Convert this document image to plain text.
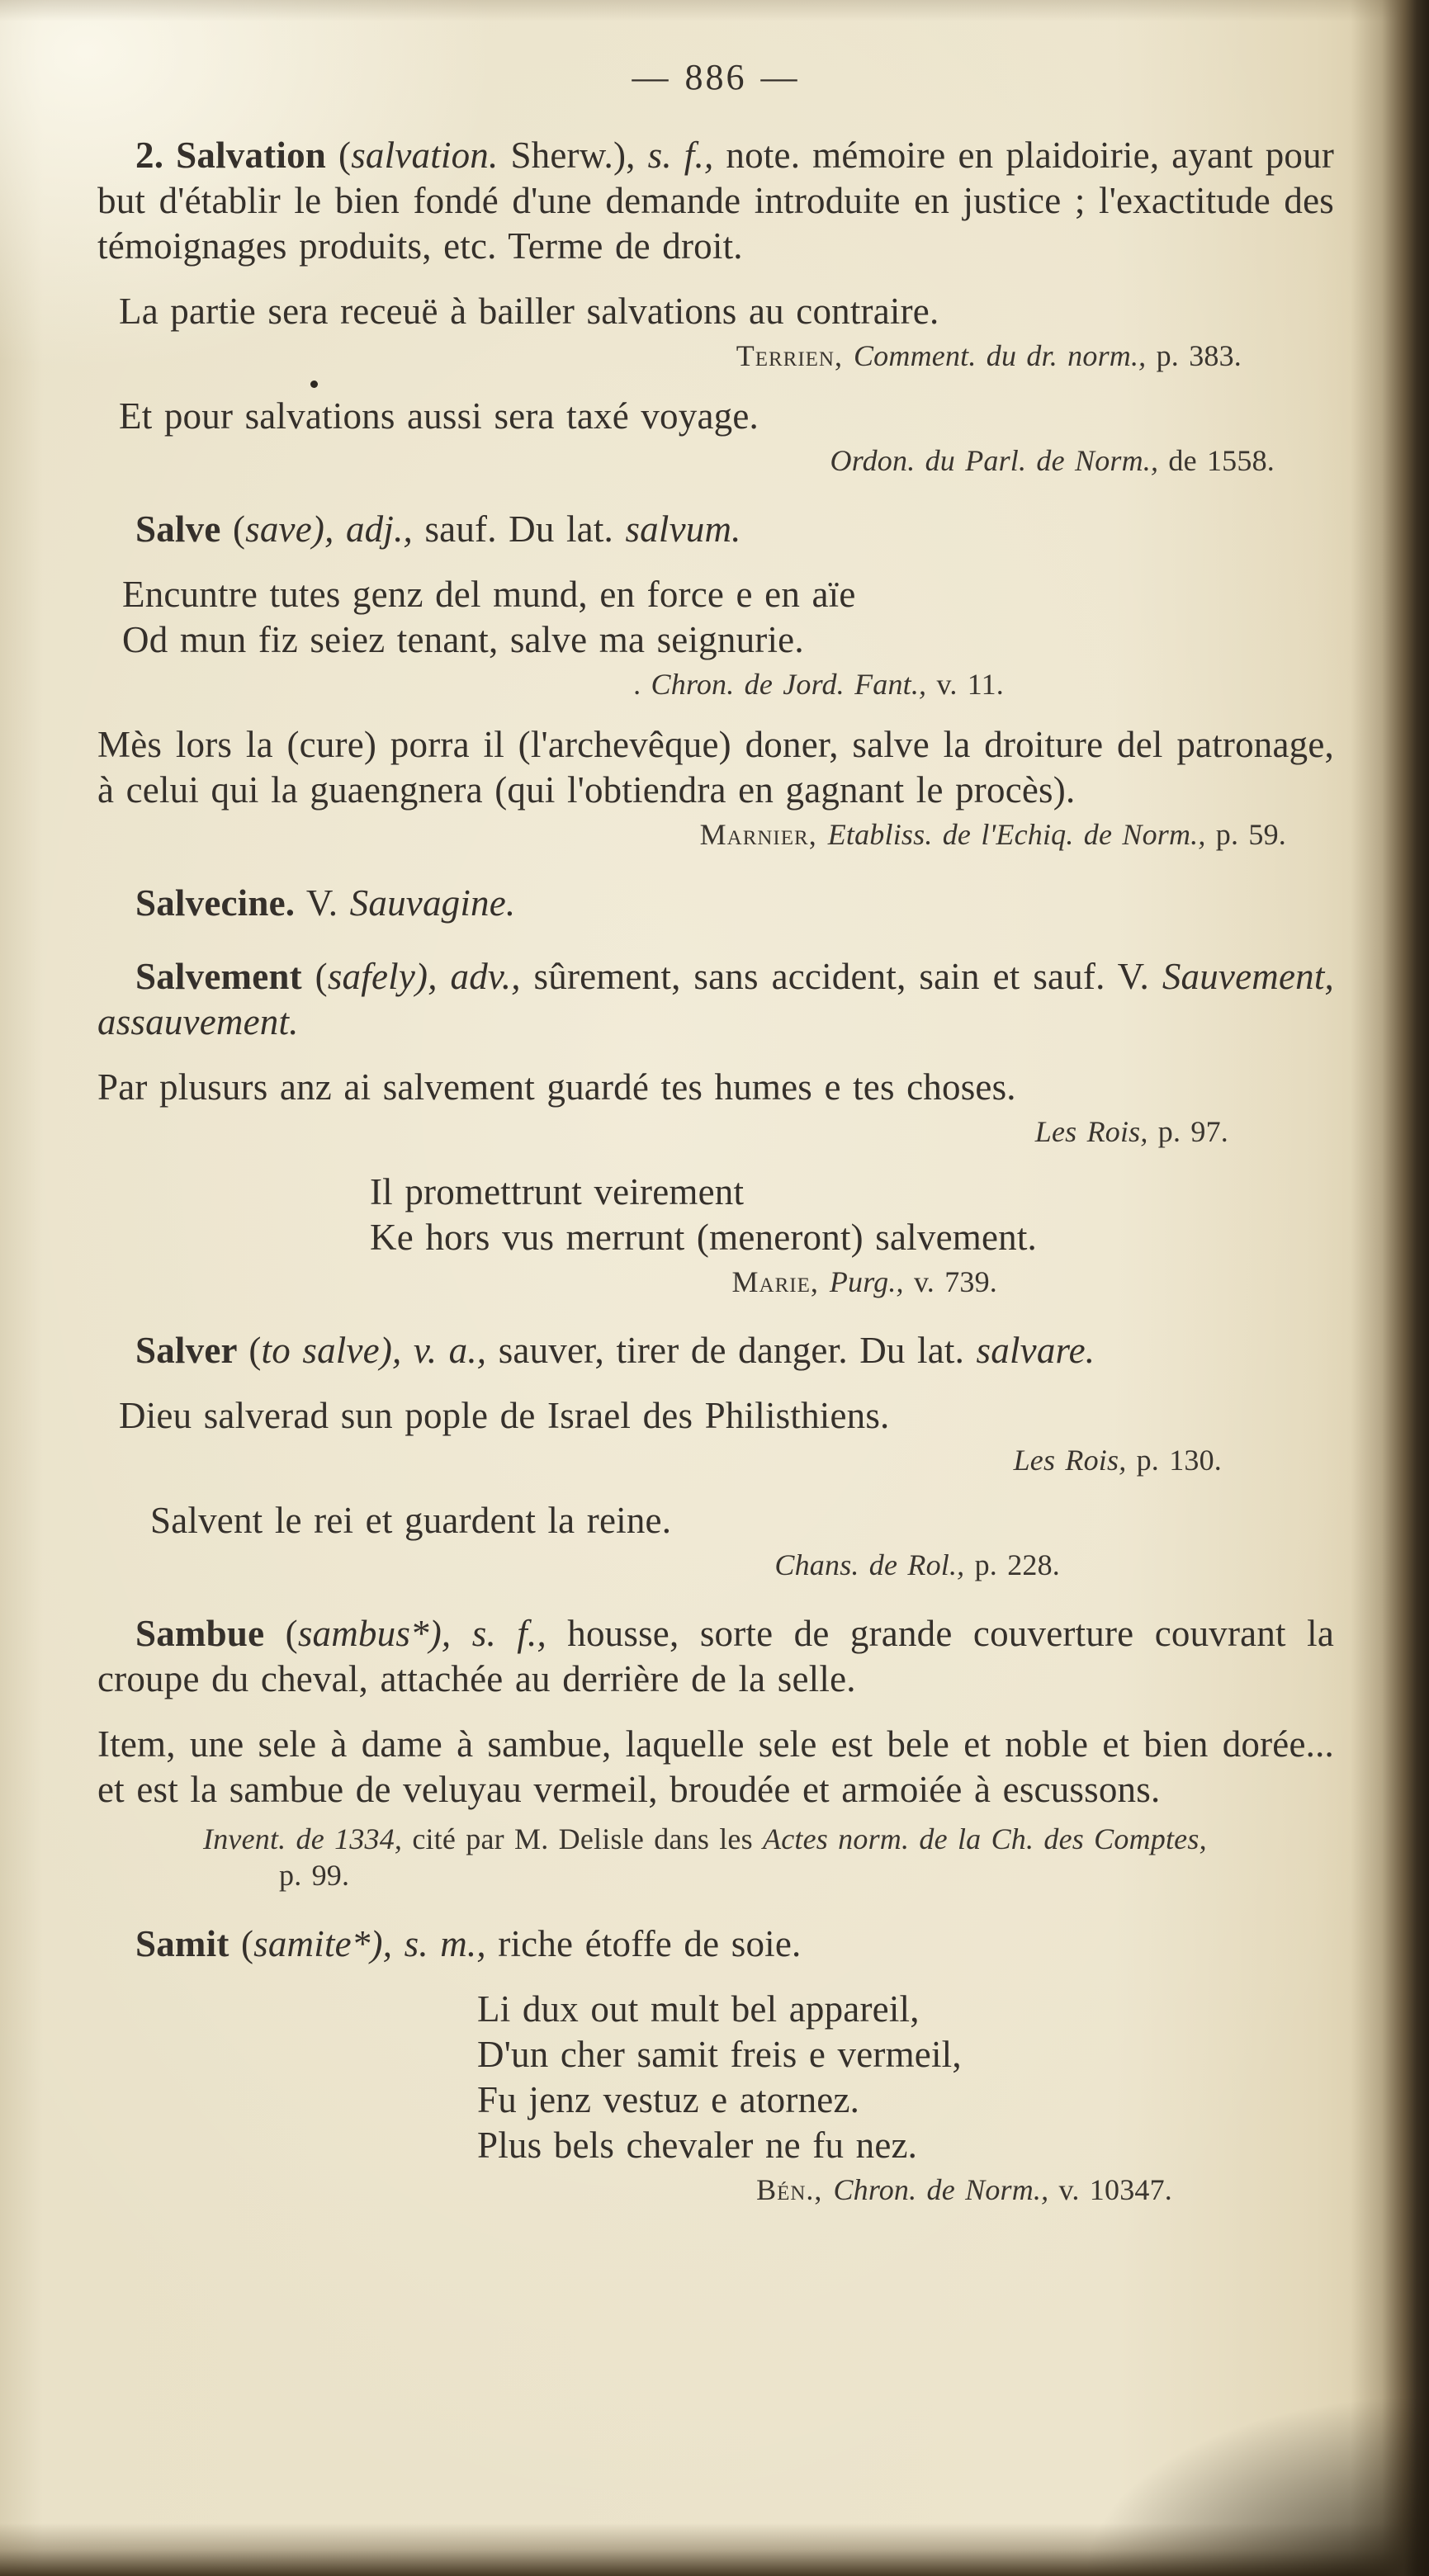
— 886 —
2. Salvation (salvation. Sherw.), s. f., note. mémoire en plaidoirie, ayant pour but d'établir le bien fondé d'une demande introduite en justice ; l'exactitude des témoignages produits, etc. Terme de droit.
La partie sera receuë à bailler salvations au contraire.
Terrien, Comment. du dr. norm., p. 383.
Et pour salvations aussi sera taxé voyage.
Ordon. du Parl. de Norm., de 1558.
Salve (save), adj., sauf. Du lat. salvum.
Encuntre tutes genz del mund, en force e en aïe
Od mun fiz seiez tenant, salve ma seignurie.
. Chron. de Jord. Fant., v. 11.
Mès lors la (cure) porra il (l'archevêque) doner, salve la droiture del patronage, à celui qui la guaengnera (qui l'obtiendra en gagnant le procès).
Marnier, Etabliss. de l'Echiq. de Norm., p. 59.
Salvecine. V. Sauvagine.
Salvement (safely), adv., sûrement, sans accident, sain et sauf. V. Sauvement, assauvement.
Par plusurs anz ai salvement guardé tes humes e tes choses.
Les Rois, p. 97.
Il promettrunt veirement
Ke hors vus merrunt (meneront) salvement.
Marie, Purg., v. 739.
Salver (to salve), v. a., sauver, tirer de danger. Du lat. salvare.
Dieu salverad sun pople de Israel des Philisthiens.
Les Rois, p. 130.
Salvent le rei et guardent la reine.
Chans. de Rol., p. 228.
Sambue (sambus*), s. f., housse, sorte de grande couverture couvrant la croupe du cheval, attachée au derrière de la selle.
Item, une sele à dame à sambue, laquelle sele est bele et noble et bien dorée... et est la sambue de veluyau vermeil, broudée et armoiée à escussons.
Invent. de 1334, cité par M. Delisle dans les Actes norm. de la Ch. des Comptes, p. 99.
Samit (samite*), s. m., riche étoffe de soie.
Li dux out mult bel appareil,
D'un cher samit freis e vermeil,
Fu jenz vestuz e atornez.
Plus bels chevaler ne fu nez.
Bén., Chron. de Norm., v. 10347.
